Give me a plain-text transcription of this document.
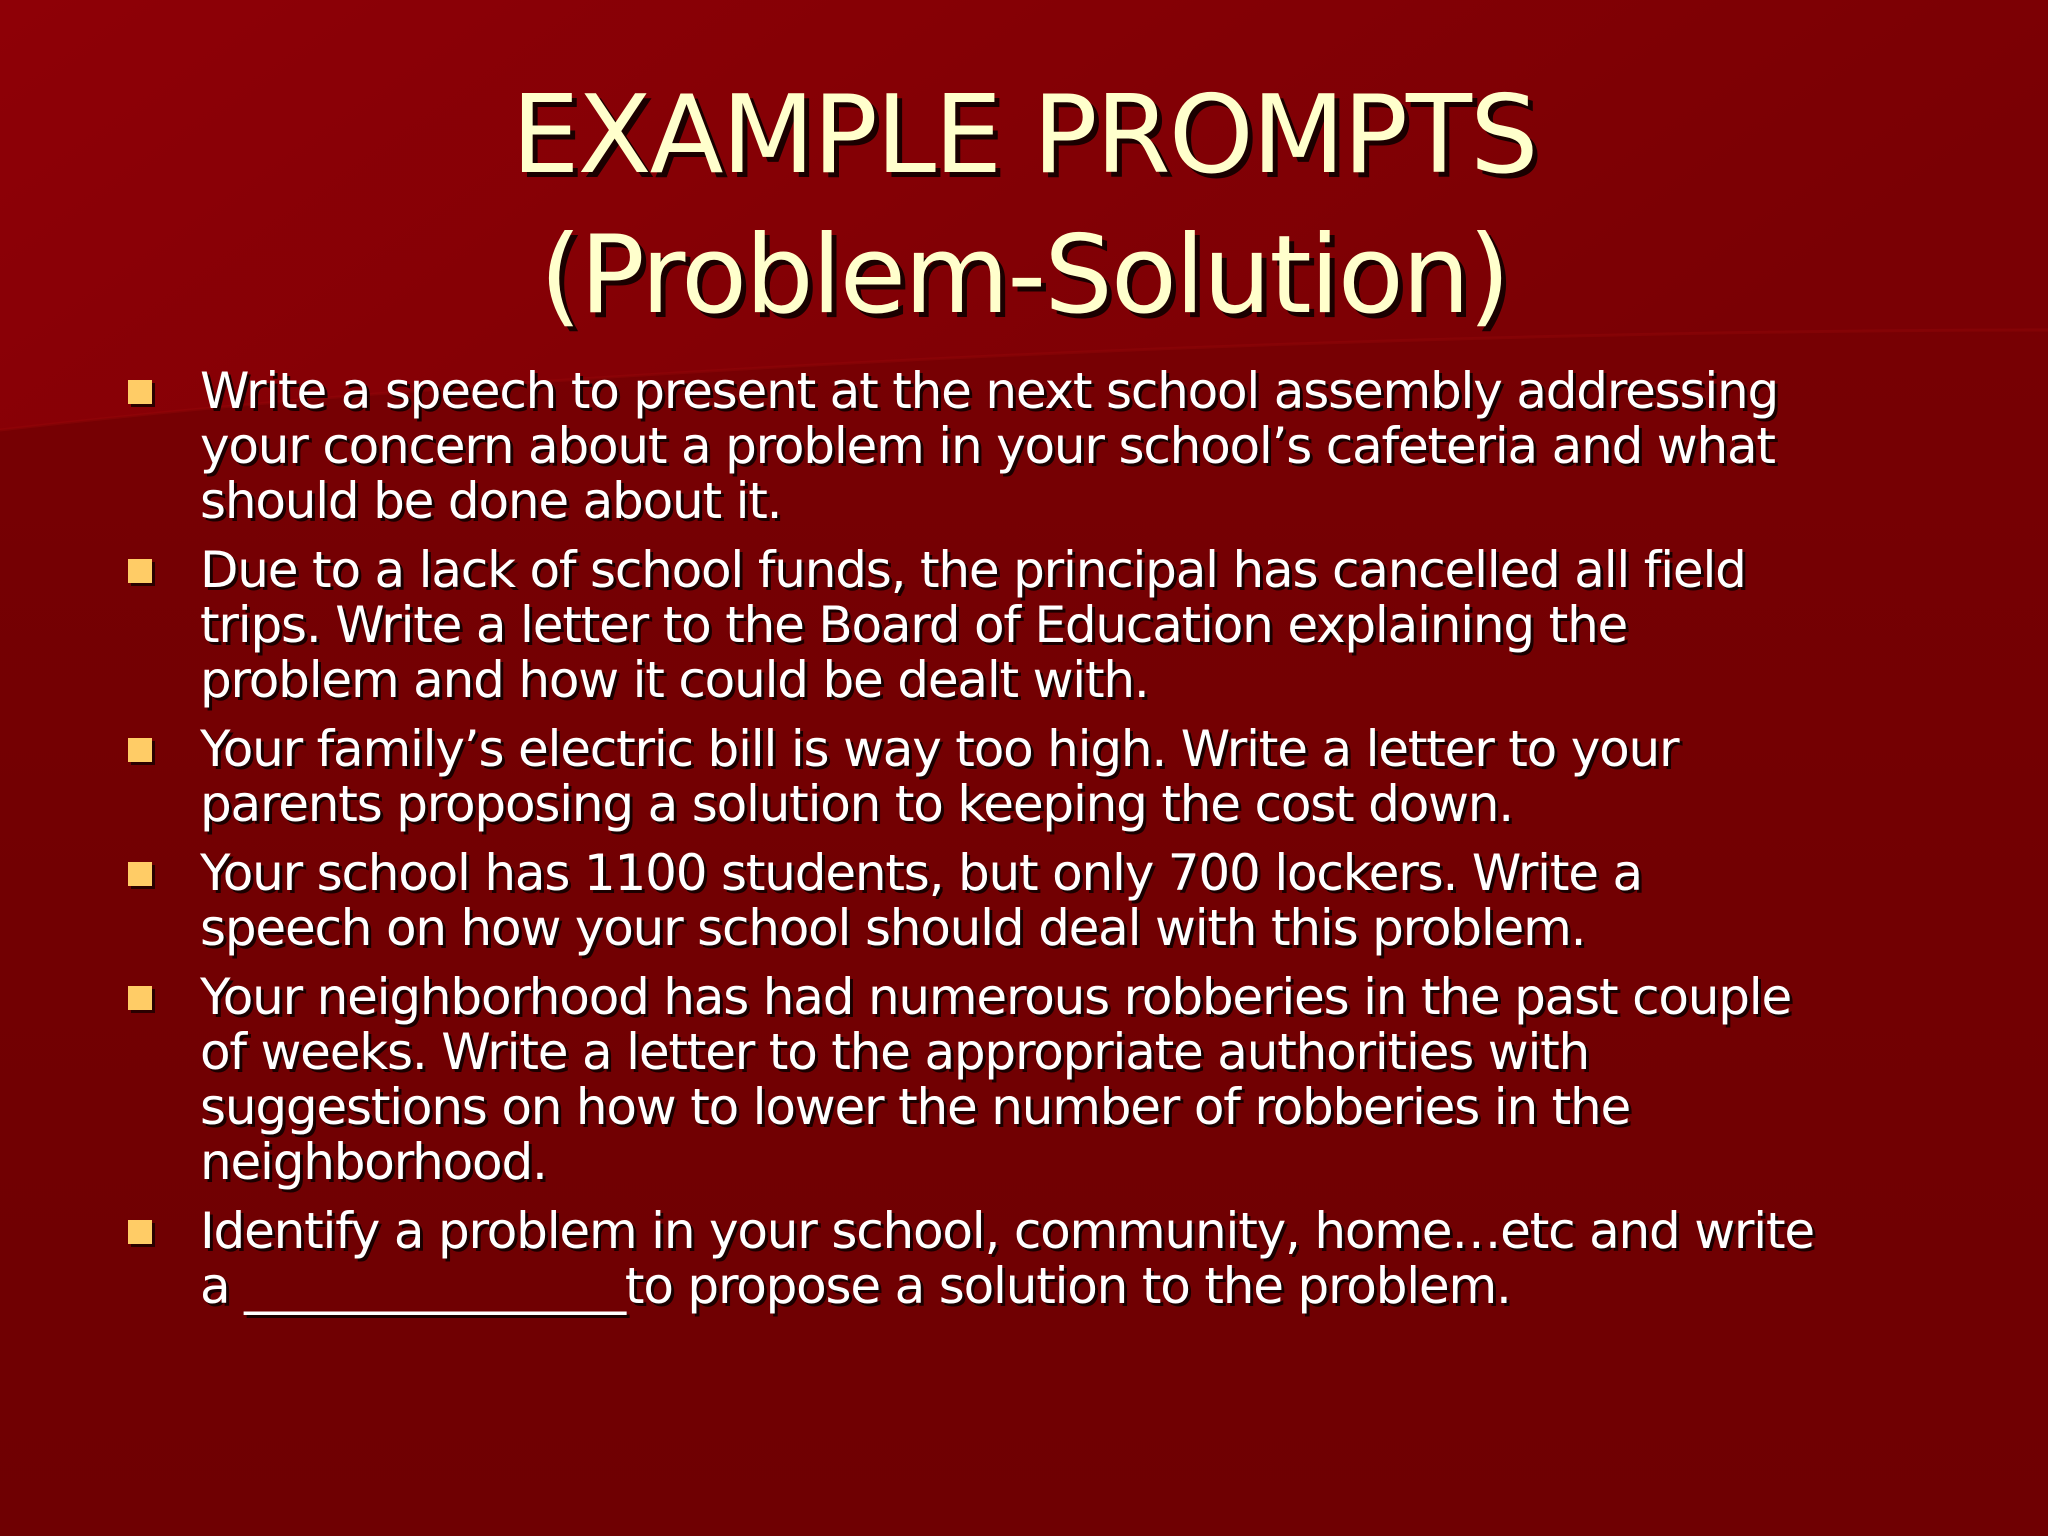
EXAMPLE PROMPTS
(Problem-Solution)
Write a speech to present at the next school assembly addressing
your concern about a problem in your school’s cafeteria and what
should be done about it.
Due to a lack of school funds, the principal has cancelled all field
trips. Write a letter to the Board of Education explaining the
problem and how it could be dealt with.
Your family’s electric bill is way too high. Write a letter to your
parents proposing a solution to keeping the cost down.
Your school has 1100 students, but only 700 lockers. Write a
speech on how your school should deal with this problem.
Your neighborhood has had numerous robberies in the past couple
of weeks. Write a letter to the appropriate authorities with
suggestions on how to lower the number of robberies in the
neighborhood.
Identify a problem in your school, community, home…etc and write
a ________________to propose a solution to the problem.
